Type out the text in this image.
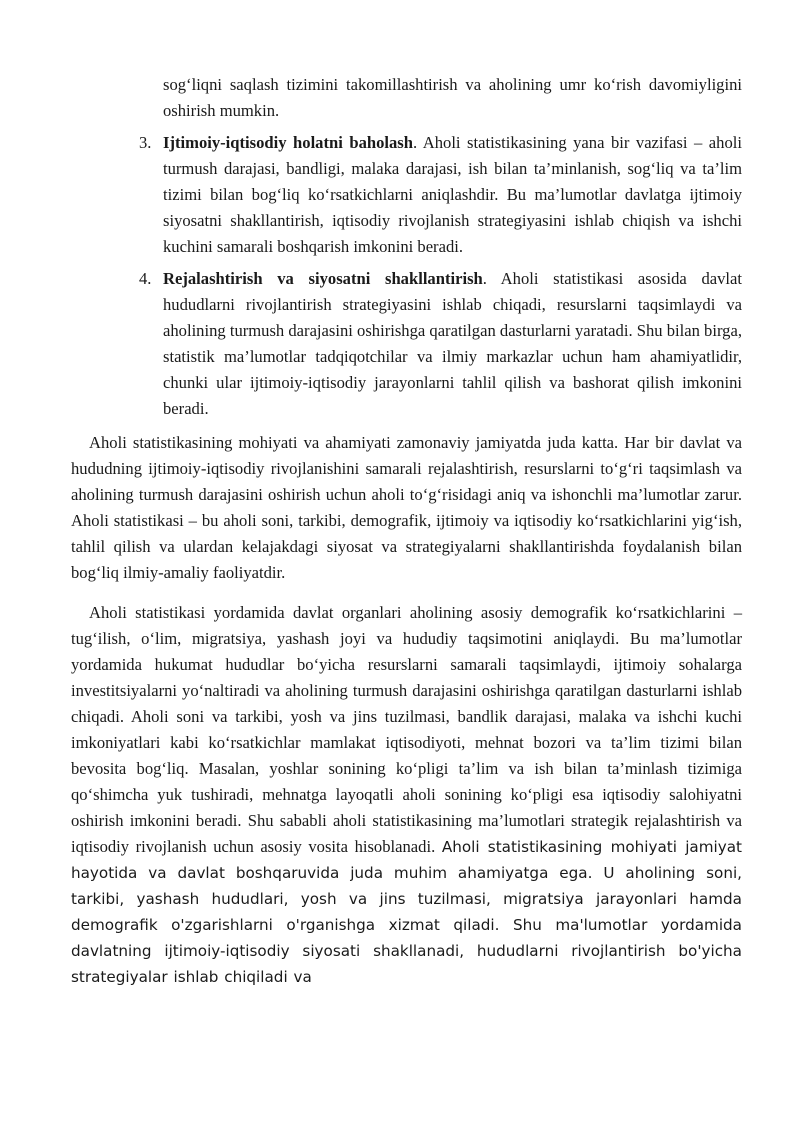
sog‘liqni saqlash tizimini takomillashtirish va aholining umr ko‘rish davomiyligini oshirish mumkin.

3. Ijtimoiy-iqtisodiy holatni baholash. Aholi statistikasining yana bir vazifasi – aholi turmush darajasi, bandligi, malaka darajasi, ish bilan ta’minlanish, sog‘liq va ta’lim tizimi bilan bog‘liq ko‘rsatkichlarni aniqlashdir. Bu ma’lumotlar davlatga ijtimoiy siyosatni shakllantirish, iqtisodiy rivojlanish strategiyasini ishlab chiqish va ishchi kuchini samarali boshqarish imkonini beradi.

4. Rejalashtirish va siyosatni shakllantirish. Aholi statistikasi asosida davlat hududlarni rivojlantirish strategiyasini ishlab chiqadi, resurslarni taqsimlaydi va aholining turmush darajasini oshirishga qaratilgan dasturlarni yaratadi. Shu bilan birga, statistik ma’lumotlar tadqiqotchilar va ilmiy markazlar uchun ham ahamiyatlidir, chunki ular ijtimoiy-iqtisodiy jarayonlarni tahlil qilish va bashorat qilish imkonini beradi.

Aholi statistikasining mohiyati va ahamiyati zamonaviy jamiyatda juda katta. Har bir davlat va hududning ijtimoiy-iqtisodiy rivojlanishini samarali rejalashtirish, resurslarni to‘g‘ri taqsimlash va aholining turmush darajasini oshirish uchun aholi to‘g‘risidagi aniq va ishonchli ma’lumotlar zarur. Aholi statistikasi – bu aholi soni, tarkibi, demografik, ijtimoiy va iqtisodiy ko‘rsatkichlarini yig‘ish, tahlil qilish va ulardan kelajakdagi siyosat va strategiyalarni shakllantirishda foydalanish bilan bog‘liq ilmiy-amaliy faoliyatdir.

Aholi statistikasi yordamida davlat organlari aholining asosiy demografik ko‘rsatkichlarini – tug‘ilish, o‘lim, migratsiya, yashash joyi va hududiy taqsimotini aniqlaydi. Bu ma’lumotlar yordamida hukumat hududlar bo‘yicha resurslarni samarali taqsimlaydi, ijtimoiy sohalarga investitsiyalarni yo‘naltiradi va aholining turmush darajasini oshirishga qaratilgan dasturlarni ishlab chiqadi. Aholi soni va tarkibi, yosh va jins tuzilmasi, bandlik darajasi, malaka va ishchi kuchi imkoniyatlari kabi ko‘rsatkichlar mamlakat iqtisodiyoti, mehnat bozori va ta’lim tizimi bilan bevosita bog‘liq. Masalan, yoshlar sonining ko‘pligi ta’lim va ish bilan ta’minlash tizimiga qo‘shimcha yuk tushiradi, mehnatga layoqatli aholi sonining ko‘pligi esa iqtisodiy salohiyatni oshirish imkonini beradi. Shu sababli aholi statistikasining ma’lumotlari strategik rejalashtirish va iqtisodiy rivojlanish uchun asosiy vosita hisoblanadi. Aholi statistikasining mohiyati jamiyat hayotida va davlat boshqaruvida juda muhim ahamiyatga ega. U aholining soni, tarkibi, yashash hududlari, yosh va jins tuzilmasi, migratsiya jarayonlari hamda demografik o'zgarishlarni o'rganishga xizmat qiladi. Shu ma'lumotlar yordamida davlatning ijtimoiy-iqtisodiy siyosati shakllanadi, hududlarni rivojlantirish bo'yicha strategiyalar ishlab chiqiladi va
